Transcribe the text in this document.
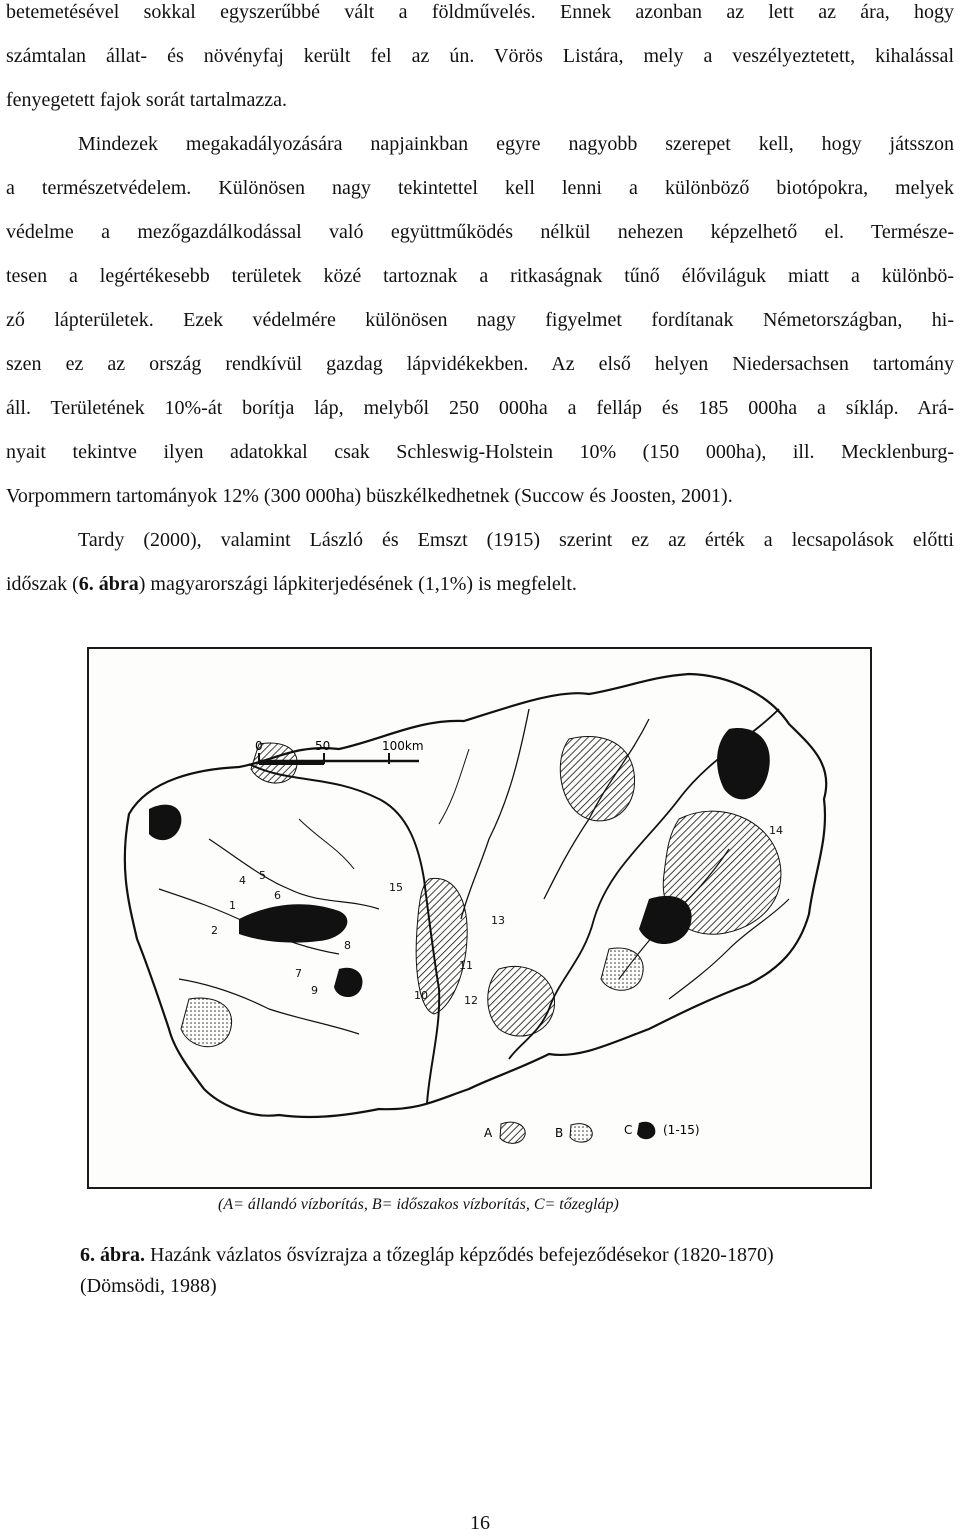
betemetésével sokkal egyszerűbbé vált a földművelés. Ennek azonban az lett az ára, hogy
számtalan állat- és növényfaj került fel az ún. Vörös Listára, mely a veszélyeztetett, kihalással
fenyegetett fajok sorát tartalmazza.
Mindezek megakadályozására napjainkban egyre nagyobb szerepet kell, hogy játsszon
a természetvédelem. Különösen nagy tekintettel kell lenni a különböző biotópokra, melyek
védelme a mezőgazdálkodással való együttműködés nélkül nehezen képzelhető el. Természe-
tesen a legértékesebb területek közé tartoznak a ritkaságnak tűnő élőviláguk miatt a különbö-
ző lápterületek. Ezek védelmére különösen nagy figyelmet fordítanak Németországban, hi-
szen ez az ország rendkívül gazdag lápvidékekben. Az első helyen Niedersachsen tartomány
áll. Területének 10%-át borítja láp, melyből 250 000ha a felláp és 185 000ha a síkláp. Ará-
nyait tekintve ilyen adatokkal csak Schleswig-Holstein 10% (150 000ha), ill. Mecklenburg-
Vorpommern tartományok 12% (300 000ha) büszkélkedhetnek (Succow és Joosten, 2001).
Tardy (2000), valamint László és Emszt (1915) szerint ez az érték a lecsapolások előtti
időszak (6. ábra) magyarországi lápkiterjedésének (1,1%) is megfelelt.
0	50	100km
1
2
3
4 5
6
7
8
9	10
11
12
13
14
15
A	B	C	(1-15)
(A= állandó vízborítás, B= időszakos vízborítás, C= tőzegláp)
6. ábra. Hazánk vázlatos ősvízrajza a tőzegláp képződés befejeződésekor (1820-1870)
(Dömsödi, 1988)
16
